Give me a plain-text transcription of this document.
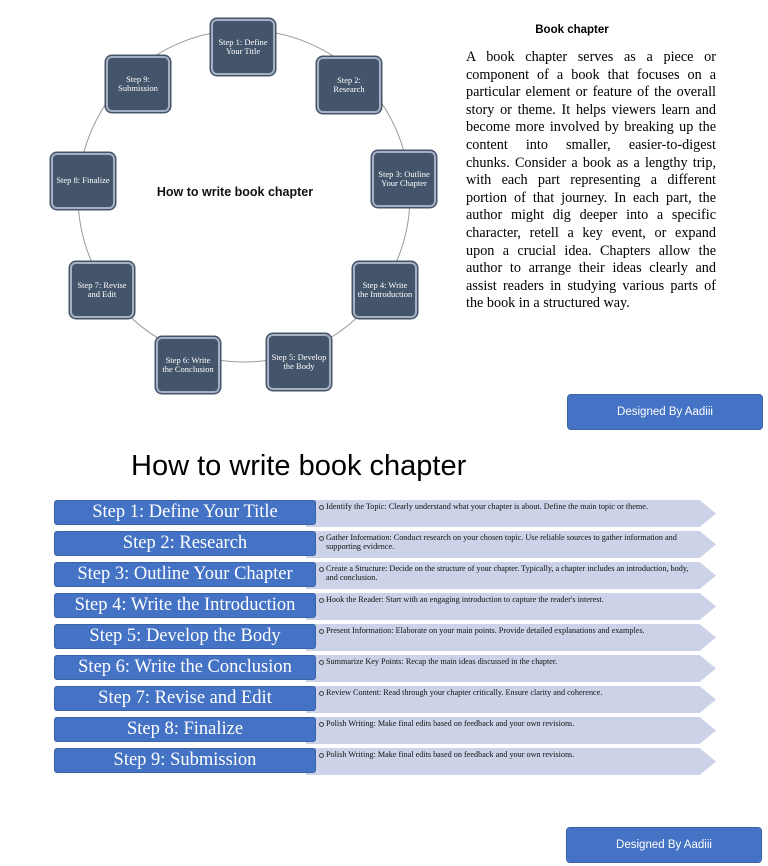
Step 1: Define Your Title
Step 2: Research
Step 3: Outline Your Chapter
Step 4: Write the Introduction
Step 5: Develop the Body
Step 6: Write the Conclusion
Step 7: Revise and Edit
Step 8: Finalize
Step 9: Submission
How to write book chapter
Book chapter

A book chapter serves as a piece or component of a book that focuses on a particular element or feature of the overall story or theme. It helps viewers learn and become more involved by breaking up the content into smaller, easier-to-digest chunks. Consider a book as a lengthy trip, with each part representing a different portion of that journey. In each part, the author might dig deeper into a specific character, retell a key event, or expand upon a crucial idea. Chapters allow the author to arrange their ideas clearly and assist readers in studying various parts of the book in a structured way.

Designed By Aadiii
How to write book chapter
Step 1: Define Your Title	Identify the Topic: Clearly understand what your chapter is about. Define the main topic or theme.
Step 2: Research	Gather Information: Conduct research on your chosen topic. Use reliable sources to gather information and supporting evidence.
Step 3: Outline Your Chapter	Create a Structure: Decide on the structure of your chapter. Typically, a chapter includes an introduction, body, and conclusion.
Step 4: Write the Introduction	Hook the Reader: Start with an engaging introduction to capture the reader's interest.
Step 5: Develop the Body	Present Information: Elaborate on your main points. Provide detailed explanations and examples.
Step 6: Write the Conclusion	Summarize Key Points: Recap the main ideas discussed in the chapter.
Step 7: Revise and Edit	Review Content: Read through your chapter critically. Ensure clarity and coherence.
Step 8: Finalize	Polish Writing: Make final edits based on feedback and your own revisions.
Step 9: Submission	Polish Writing: Make final edits based on feedback and your own revisions.
Designed By Aadiii
